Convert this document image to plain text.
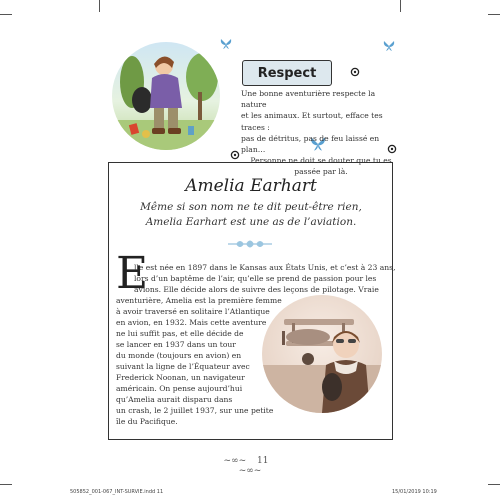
Respect

Une bonne aventurière respecte la nature

et les animaux. Et surtout, efface tes traces :

pas de détritus, pas de feu laissé en plan…

Personne ne doit se douter que tu es

passée par là.

Amelia Earhart
Même si son nom ne te dit peut-être rien,
Amelia Earhart est une as de l’aviation.
E
lle est née en 1897 dans le Kansas aux États Unis, et c’est à 23 ans,
lors d’un baptême de l’air, qu’elle se prend de passion pour les
avions. Elle décide alors de suivre des leçons de pilotage. Vraie
aventurière, Amelia est la première femme
à avoir traversé en solitaire l’Atlantique
en avion, en 1932. Mais cette aventure
ne lui suffit pas, et elle décide de
se lancer en 1937 dans un tour
du monde (toujours en avion) en
suivant la ligne de l’Équateur avec
Frederick Noonan, un navigateur
américain. On pense aujourd’hui
qu’Amelia aurait disparu dans
un crash, le 2 juillet 1937, sur une petite
île du Pacifique.
~∞~ 11 ~∞~
505852_001-067_INT-SURVIE.indd 11	15/01/2019 10:19
